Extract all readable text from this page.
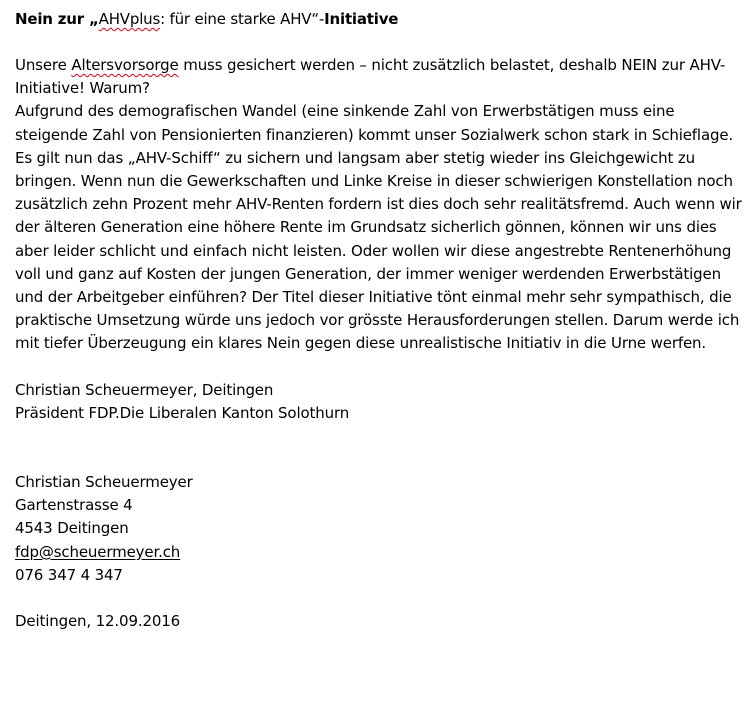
Nein zur „AHVplus: für eine starke AHV“-Initiative

Unsere Altersvorsorge muss gesichert werden – nicht zusätzlich belastet, deshalb NEIN zur AHV-Initiative! Warum?

Aufgrund des demografischen Wandel (eine sinkende Zahl von Erwerbstätigen muss eine steigende Zahl von Pensionierten finanzieren) kommt unser Sozialwerk schon stark in Schieflage. Es gilt nun das „AHV-Schiff“ zu sichern und langsam aber stetig wieder ins Gleichgewicht zu bringen. Wenn nun die Gewerkschaften und Linke Kreise in dieser schwierigen Konstellation noch zusätzlich zehn Prozent mehr AHV-Renten fordern ist dies doch sehr realitätsfremd. Auch wenn wir der älteren Generation eine höhere Rente im Grundsatz sicherlich gönnen, können wir uns dies aber leider schlicht und einfach nicht leisten. Oder wollen wir diese angestrebte Rentenerhöhung voll und ganz auf Kosten der jungen Generation, der immer weniger werdenden Erwerbstätigen und der Arbeitgeber einführen? Der Titel dieser Initiative tönt einmal mehr sehr sympathisch, die praktische Umsetzung würde uns jedoch vor grösste Herausforderungen stellen. Darum werde ich mit tiefer Überzeugung ein klares Nein gegen diese unrealistische Initiativ in die Urne werfen.

Christian Scheuermeyer, Deitingen

Präsident FDP.Die Liberalen Kanton Solothurn

Christian Scheuermeyer

Gartenstrasse 4

4543 Deitingen

fdp@scheuermeyer.ch

076 347 4 347

Deitingen, 12.09.2016
